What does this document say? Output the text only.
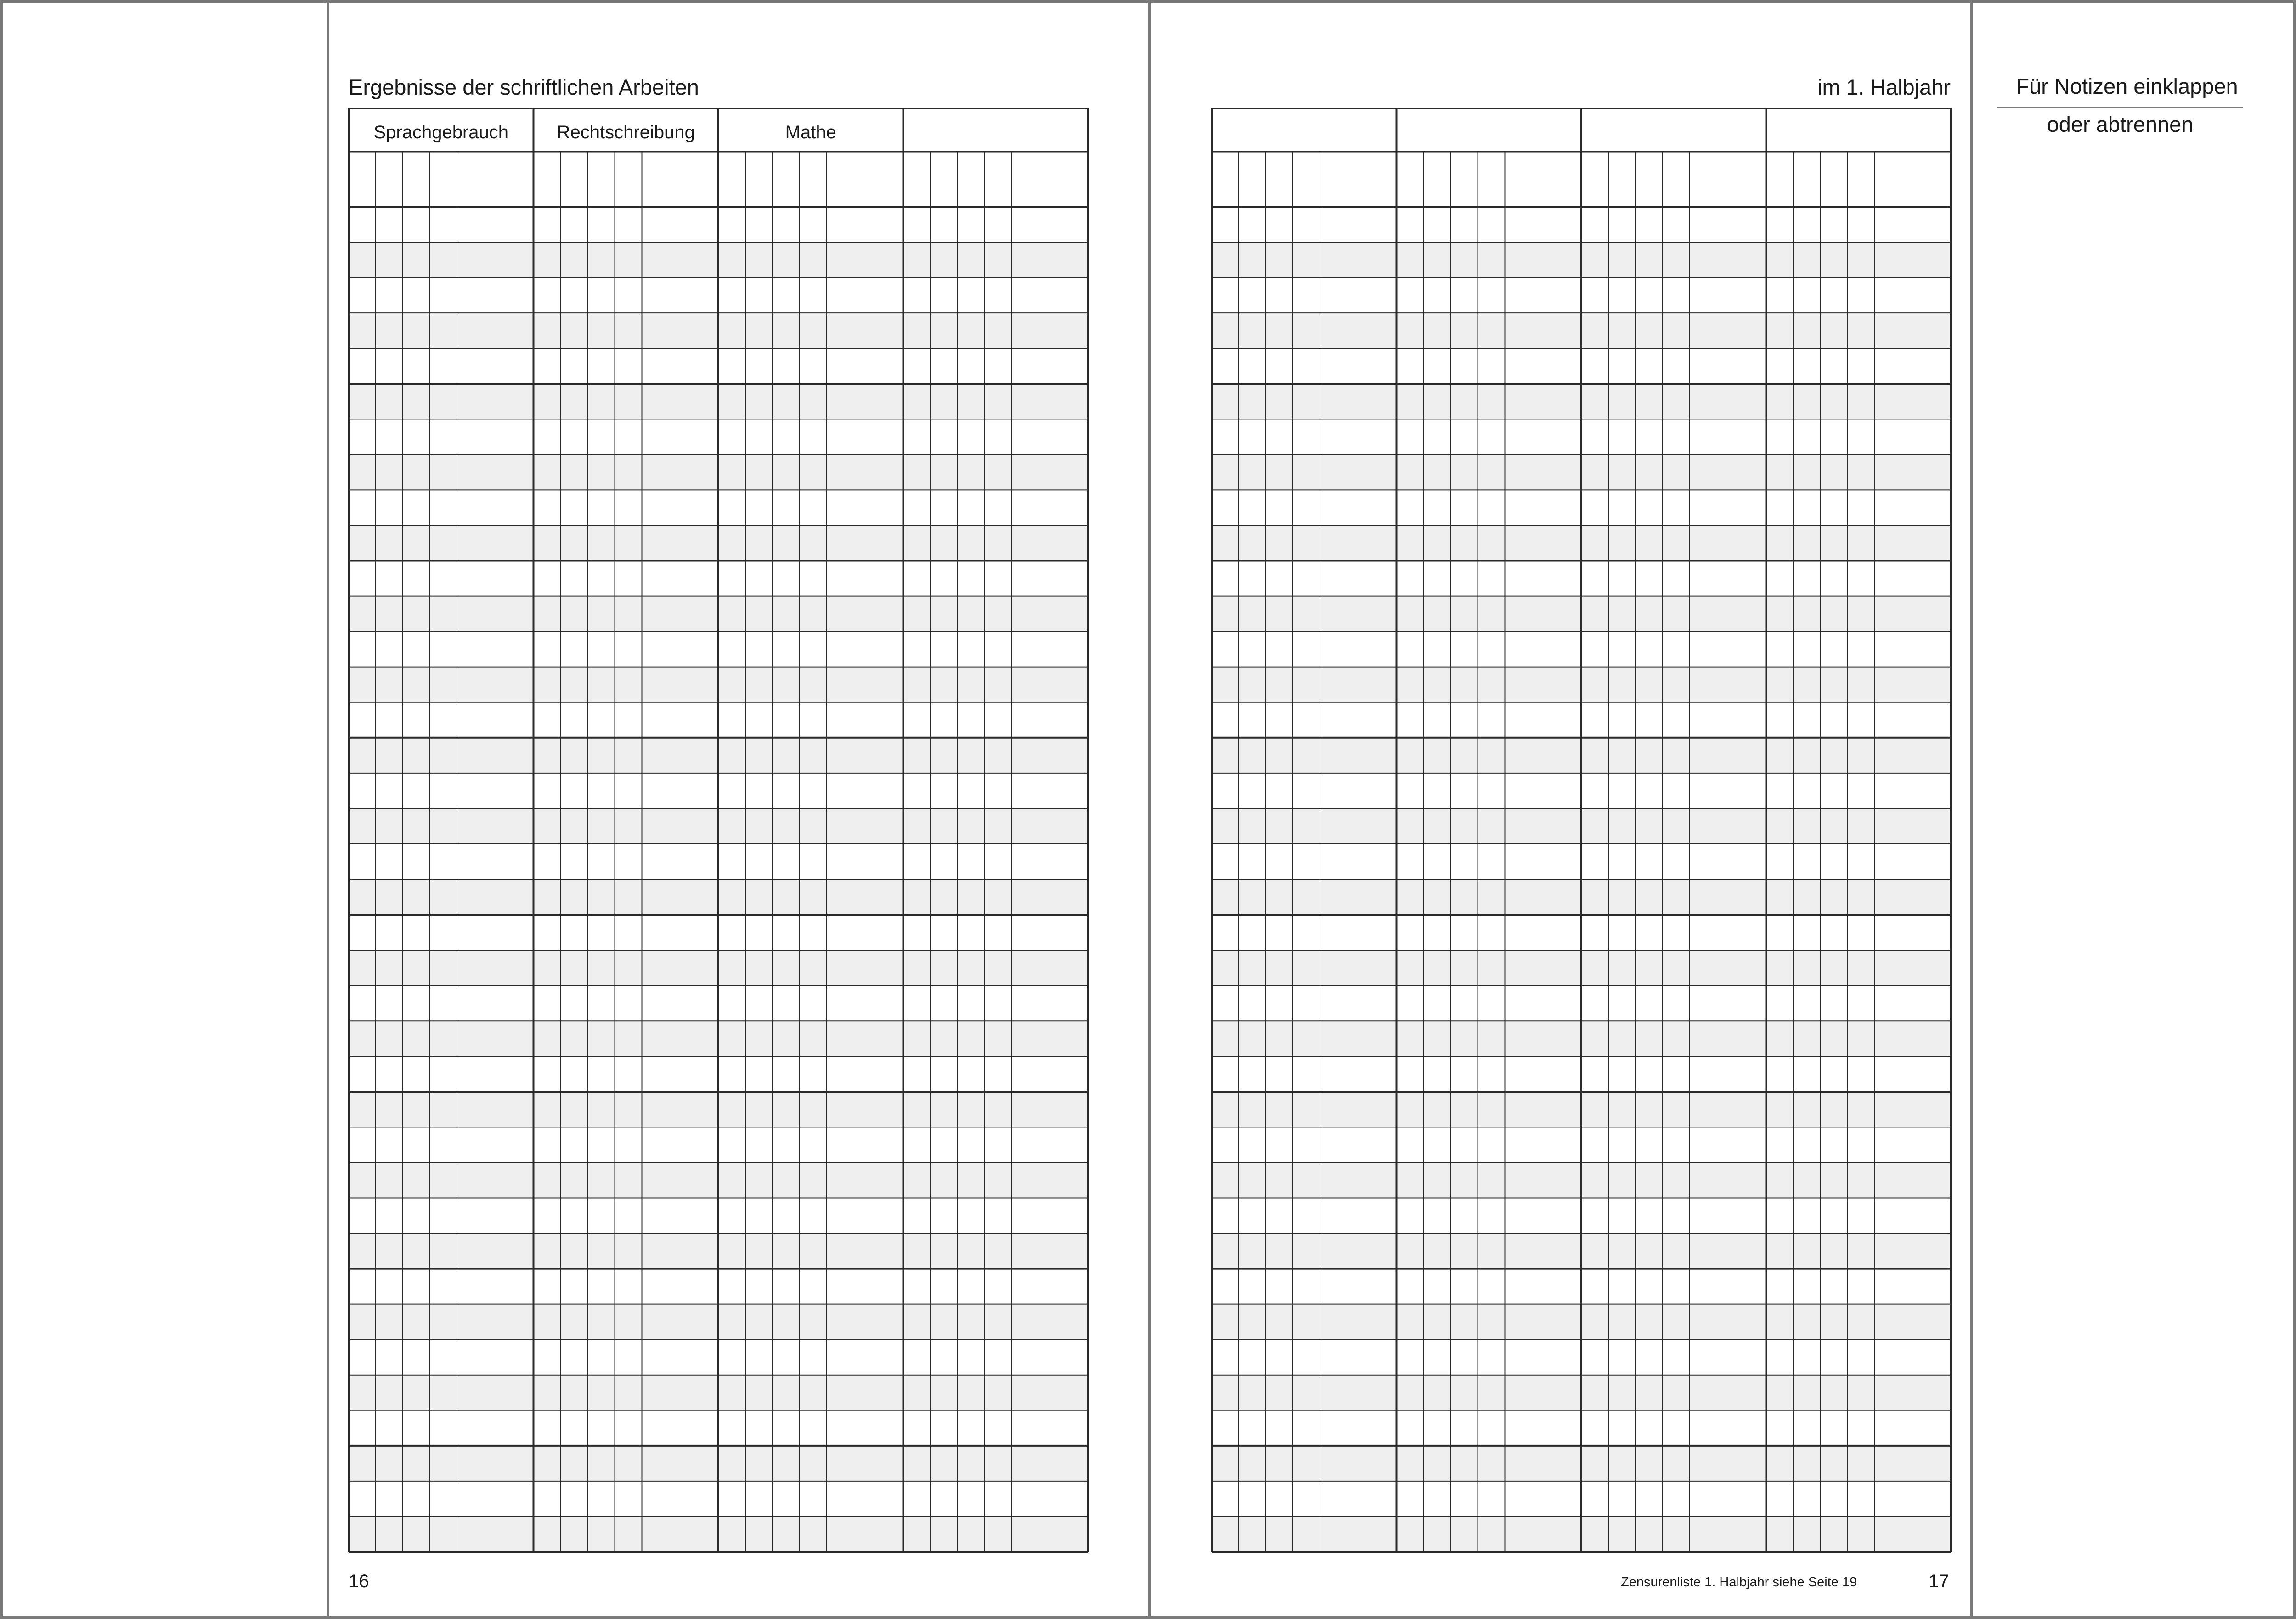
Ergebnisse der schriftlichen Arbeiten	im 1. Halbjahr	Für Notizen einklappen
oder abtrennen
Sprachgebrauch	Rechtschreibung	Mathe
16	Zensurenliste 1. Halbjahr siehe Seite 19	17
